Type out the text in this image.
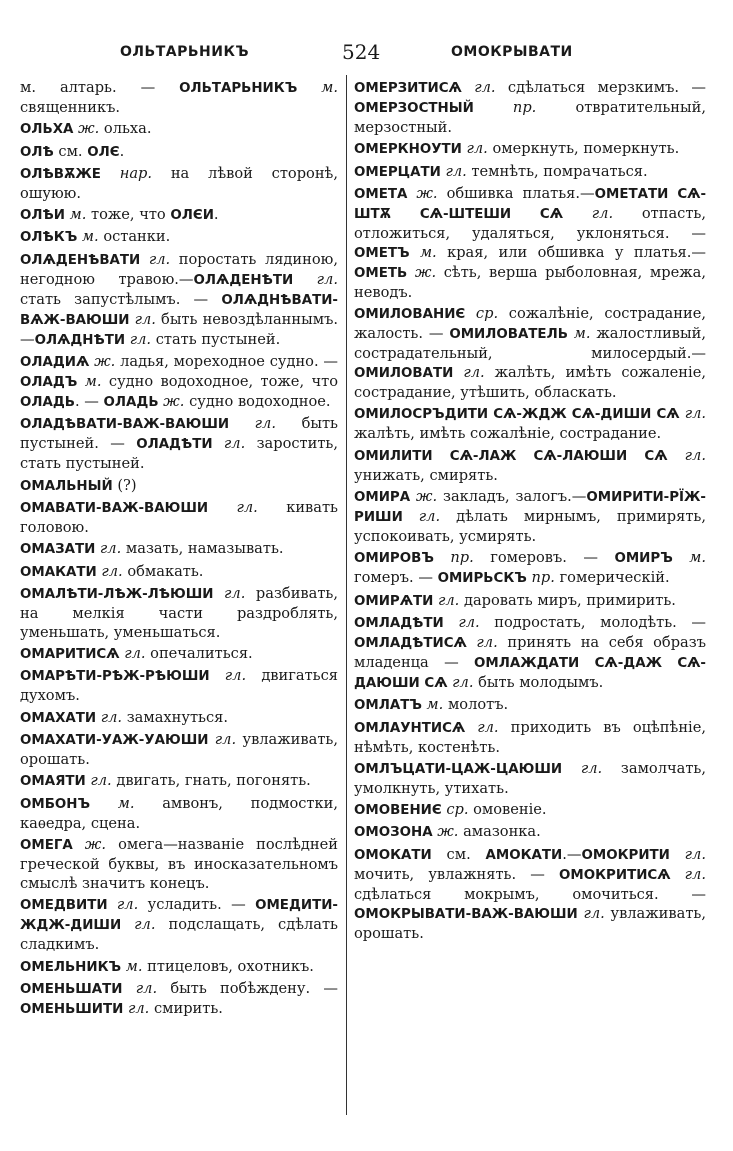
ОЛЬТАРЬНИКЪ	524	ОМОКРЫВАТИ

м. алтарь. — ОЛЬТАРЬНИКЪ м. священникъ.

ОЛЬХА ж. ольха.

ОЛѢ см. ОЛЄ.

ОЛѢВѪЖЕ нар. на лѣвой сторонѣ, ошуюю.

ОЛѢИ м. тоже, что ОЛЄИ.

ОЛѢКЪ м. останки.

ОЛѦДЕНѢВАТИ гл. поростать лядиною, негодною травою.—ОЛѦДЕНѢТИ гл. стать запустѣлымъ. — ОЛѦДНѢВАТИ-ВѦЖ-ВАЮШИ гл. быть невоздѣланнымъ.—ОЛѦДНѢТИ гл. стать пустыней.

ОЛАДИѦ ж. ладья, мореходное судно. —ОЛАДЪ м. судно водоходное, тоже, что ОЛАДЬ. — ОЛАДЬ ж. судно водоходное.

ОЛАДѢВАТИ-ВАЖ-ВАЮШИ гл. быть пустыней. — ОЛАДѢТИ гл. заростить, стать пустыней.

ОМАЛЬНЫЙ (?)

ОМАВАТИ-ВАЖ-ВАЮШИ гл. кивать головою.

ОМАЗАТИ гл. мазать, намазывать.

ОМАКАТИ гл. обмакать.

ОМАЛѢТИ-ЛѢЖ-ЛѢЮШИ гл. разбивать, на мелкія части раздроблять, уменьшать, уменьшаться.

ОМАРИТИСѦ гл. опечалиться.

ОМАРѢТИ-РѢЖ-РѢЮШИ гл. двигаться духомъ.

ОМАХАТИ гл. замахнуться.

ОМАХАТИ-УАЖ-УАЮШИ гл. увлаживать, орошать.

ОМАЯТИ гл. двигать, гнать, погонять.

ОМБОНЪ м. амвонъ, подмостки, каѳедра, сцена.

ОМЕГА ж. омега—названіе послѣдней греческой буквы, въ иносказательномъ смыслѣ значитъ конецъ.

ОМЕДВИТИ гл. усладить. — ОМЕДИТИ-ЖДЖ-ДИШИ гл. подслащать, сдѣлать сладкимъ.

ОМЕЛЬНИКЪ м. птицеловъ, охотникъ.

ОМЕНЬШАТИ гл. быть побѣждену. — ОМЕНЬШИТИ гл. смирить.

ОМЕРЗИТИСѦ гл. сдѣлаться мерзкимъ. —ОМЕРЗОСТНЫЙ пр. отвратительный, мерзостный.

ОМЕРКНОУТИ гл. омеркнуть, померкнуть.

ОМЕРЦАТИ гл. темнѣть, помрачаться.

ОМЕТА ж. обшивка платья.—ОМЕТАТИ СѦ-ШТѪ СѦ-ШТЕШИ СѦ гл. отпасть, отложиться, удаляться, уклоняться. — ОМЕТЪ м. края, или обшивка у платья.—ОМЕТЬ ж. сѣть, верша рыболовная, мрежа, неводъ.

ОМИЛОВАНИЄ ср. сожалѣніе, сострадание, жалость. — ОМИЛОВАТЕЛЬ м. жалостливый, сострадательный, милосердый.— ОМИЛОВАТИ гл. жалѣть, имѣть сожаленіе, сострадание, утѣшить, обласкать.

ОМИЛОСРЪДИТИ СѦ-ЖДЖ СѦ-ДИШИ СѦ гл. жалѣть, имѣть сожалѣніе, сострадание.

ОМИЛИТИ СѦ-ЛАЖ СѦ-ЛАЮШИ СѦ гл. унижать, смирять.

ОМИРА ж. закладъ, залогъ.—ОМИРИТИ-РЇЖ-РИШИ гл. дѣлать мирнымъ, примирять, успокоивать, усмирять.

ОМИРОВЪ пр. гомеровъ. — ОМИРЪ м. гомеръ. — ОМИРЬСКЪ пр. гомерическій.

ОМИРѦТИ гл. даровать миръ, примирить.

ОМЛАДѢТИ гл. подростать, молодѣть. —ОМЛАДѢТИСѦ гл. принять на себя образъ младенца — ОМЛАЖДАТИ СѦ-ДАЖ СѦ-ДАЮШИ СѦ гл. быть молодымъ.

ОМЛАТЪ м. молотъ.

ОМЛАУНТИСѦ гл. приходить въ оцѣпѣніе, нѣмѣть, костенѣть.

ОМЛЪЦАТИ-ЦАЖ-ЦАЮШИ гл. замолчать, умолкнуть, утихать.

ОМОВЕНИЄ ср. омовеніе.

ОМОЗОНА ж. амазонка.

ОМОКАТИ см. АМОКАТИ.—ОМОКРИТИ гл. мочить, увлажнять. — ОМОКРИТИСѦ гл. сдѣлаться мокрымъ, омочиться. —ОМОКРЫВАТИ-ВАЖ-ВАЮШИ гл. увлаживать, орошать.
